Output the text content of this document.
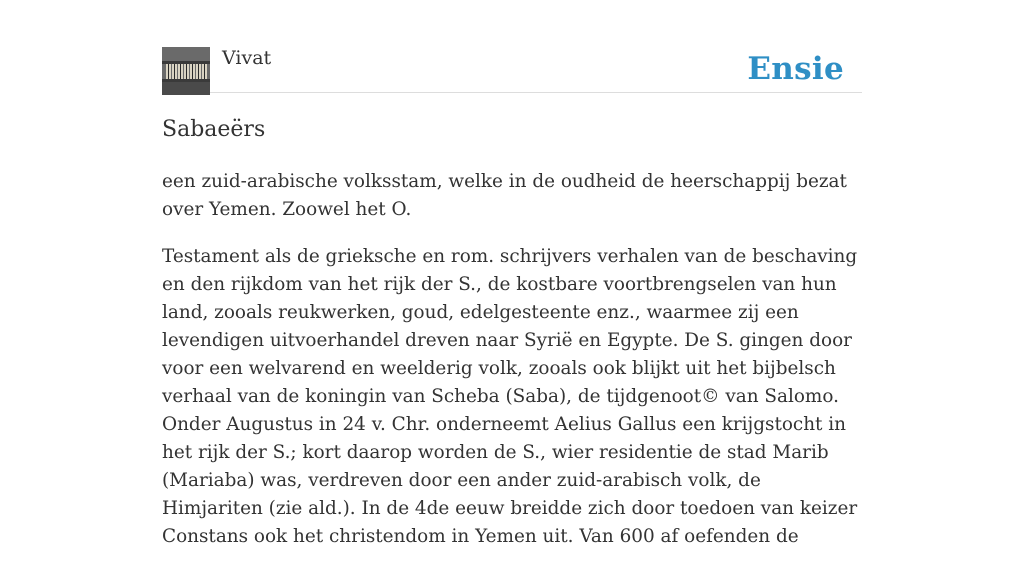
Vivat	Ensie
Sabaeërs

een zuid-arabische volksstam, welke in de oudheid de heerschappij bezat over Yemen. Zoowel het O.

Testament als de grieksche en rom. schrijvers verhalen van de beschaving en den rijkdom van het rijk der S., de kostbare voortbrengselen van hun land, zooals reukwerken, goud, edelgesteente enz., waarmee zij een levendigen uitvoerhandel dreven naar Syrië en Egypte. De S. gingen door voor een welvarend en weelderig volk, zooals ook blijkt uit het bijbelsch verhaal van de koningin van Scheba (Saba), de tijdgenoot© van Salomo. Onder Augustus in 24 v. Chr. onderneemt Aelius Gallus een krijgstocht in het rijk der S.; kort daarop worden de S., wier residentie de stad Marib (Mariaba) was, verdreven door een ander zuid-arabisch volk, de Himjariten (zie ald.). In de 4de eeuw breidde zich door toedoen van keizer Constans ook het christendom in Yemen uit. Van 600 af oefenden de
